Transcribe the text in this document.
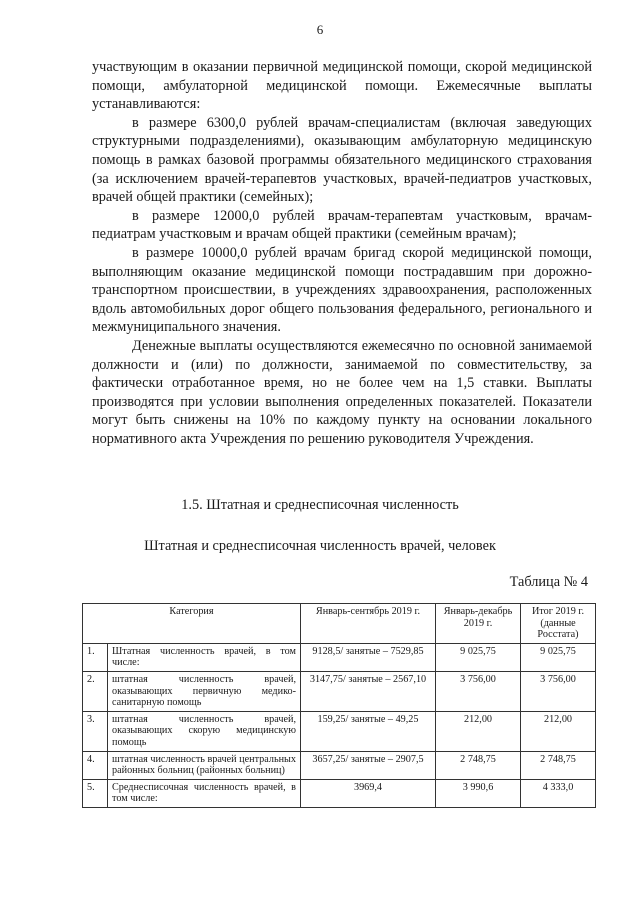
6

участвующим в оказании первичной медицинской помощи, скорой медицинской помощи, амбулаторной медицинской помощи. Ежемесячные выплаты устанавливаются:

в размере 6300,0 рублей врачам-специалистам (включая заведующих структурными подразделениями), оказывающим амбулаторную медицинскую помощь в рамках базовой программы обязательного медицинского страхования (за исключением врачей-терапевтов участковых, врачей-педиатров участковых, врачей общей практики (семейных);

в размере 12000,0 рублей врачам-терапевтам участковым, врачам-педиатрам участковым и врачам общей практики (семейным врачам);

в размере 10000,0 рублей врачам бригад скорой медицинской помощи, выполняющим оказание медицинской помощи пострадавшим при дорожно-транспортном происшествии, в учреждениях здравоохранения, расположенных вдоль автомобильных дорог общего пользования федерального, регионального и межмуниципального значения.

Денежные выплаты осуществляются ежемесячно по основной занимаемой должности и (или) по должности, занимаемой по совместительству, за фактически отработанное время, но не более чем на 1,5 ставки. Выплаты производятся при условии выполнения определенных показателей. Показатели могут быть снижены на 10% по каждому пункту на основании локального нормативного акта Учреждения по решению руководителя Учреждения.

1.5. Штатная и среднесписочная численность
Штатная и среднесписочная численность врачей, человек
Таблица № 4
Категория		Январь-сентябрь 2019 г.	Январь-декабрь 2019 г.	Итог 2019 г. (данные Росстата)
1.	Штатная численность врачей, в том числе:	9128,5/ занятые – 7529,85	9 025,75	9 025,75
2.	штатная численность врачей, оказывающих первичную медико-санитарную помощь	3147,75/ занятые – 2567,10	3 756,00	3 756,00
3.	штатная численность врачей, оказывающих скорую медицинскую помощь	159,25/ занятые – 49,25	212,00	212,00
4.	штатная численность врачей центральных районных больниц (районных больниц)	3657,25/ занятые – 2907,5	2 748,75	2 748,75
5.	Среднесписочная численность врачей, в том числе:	3969,4	3 990,6	4 333,0
